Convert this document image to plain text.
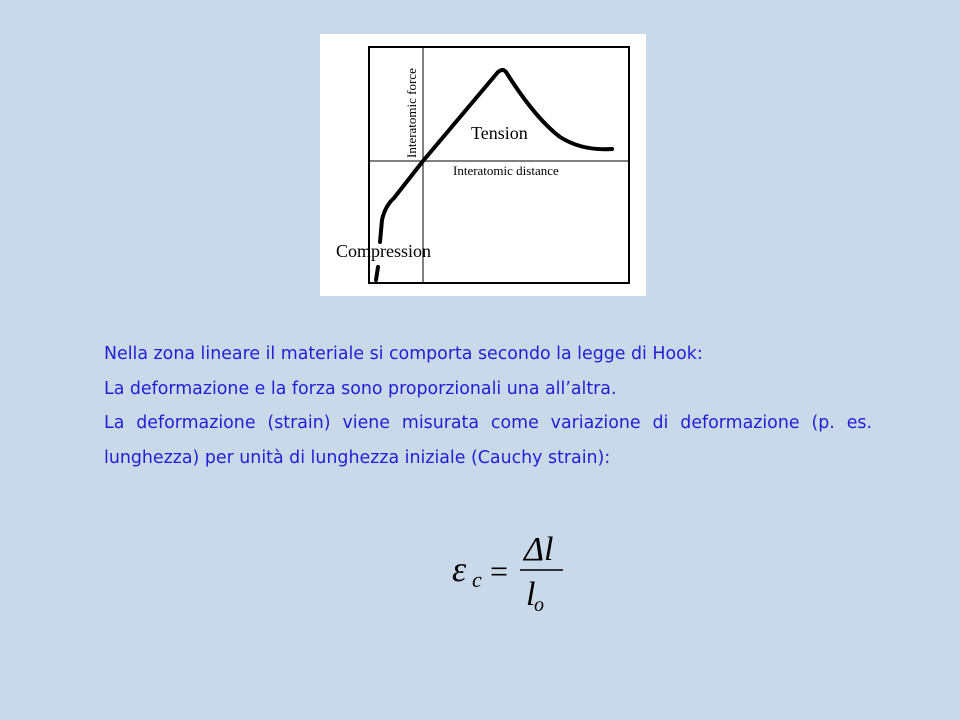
Interatomic force
Interatomic distance
Tension
Compression

Nella zona lineare il materiale si comporta secondo la legge di Hook:

La deformazione e la forza sono proporzionali una all’altra.

La deformazione (strain) viene misurata come variazione di deformazione (p. es. lunghezza) per unità di lunghezza iniziale (Cauchy strain):

ε c =
Δl
l
o
